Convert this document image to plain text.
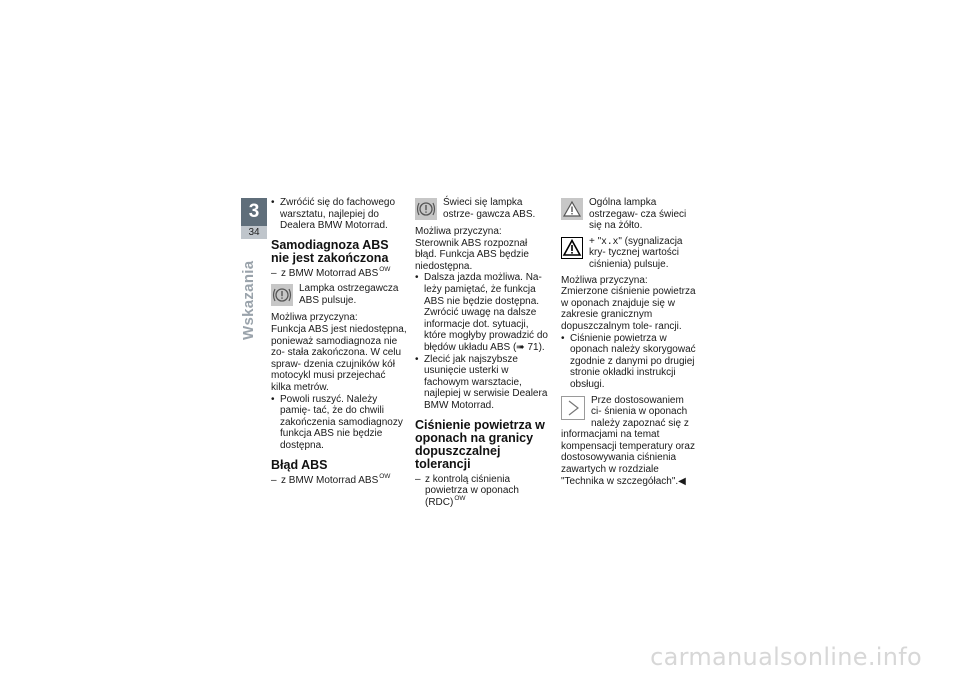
3
34
Wskazania

• Zwróćić się do fachowego warsztatu, najlepiej do Dealera BMW Motorrad.

Samodiagnoza ABS nie jest zakończona

– z BMW Motorrad $ABS^{OW}$

Lampka ostrzegawcza ABS pulsuje.

Możliwa przyczyna:

Funkcja ABS jest niedostępna, ponieważ samodiagnoza nie zo- stała zakończona. W celu spraw- dzenia czujników kół motocykl musi przejechać kilka metrów.

• Powoli ruszyć. Należy pamię- tać, że do chwili zakończenia samodiagnozy funkcja ABS nie będzie dostępna.

Błąd ABS

– z BMW Motorrad $ABS^{OW}$

Świeci się lampka ostrze- gawcza ABS.

Możliwa przyczyna:

Sterownik ABS rozpoznał błąd. Funkcja ABS będzie niedostępna.

• Dalsza jazda możliwa. Na- leży pamiętać, że funkcja ABS nie będzie dostępna. Zwrócić uwagę na dalsze informacje dot. sytuacji, które mogłyby prowadzić do błędów układu ABS (➠ 71).

• Zlecić jak najszybsze usunięcie usterki w fachowym warsztacie, najlepiej w serwisie Dealera BMW Motorrad.

Ciśnienie powietrza w oponach na granicy dopuszczalnej tolerancji

– z kontrolą ciśnienia powietrza w oponach (RDC)$^{OW}$

Ogólna lampka ostrzegaw- cza świeci się na żółto.

+ "x.x" (sygnalizacja kry- tycznej wartości ciśnienia) pulsuje.

Możliwa przyczyna:

Zmierzone ciśnienie powietrza w oponach znajduje się w zakresie granicznym dopuszczalnym tole- rancji.

• Ciśnienie powietrza w oponach należy skorygować zgodnie z danymi po drugiej stronie okładki instrukcji obsługi.

Prze dostosowaniem ci- śnienia w oponach należy zapoznać się z informacjami na temat kompensacji temperatury oraz dostosowywania ciśnienia zawartych w rozdziale "Technika w szczegółach".◀

carmanualsonline.info
